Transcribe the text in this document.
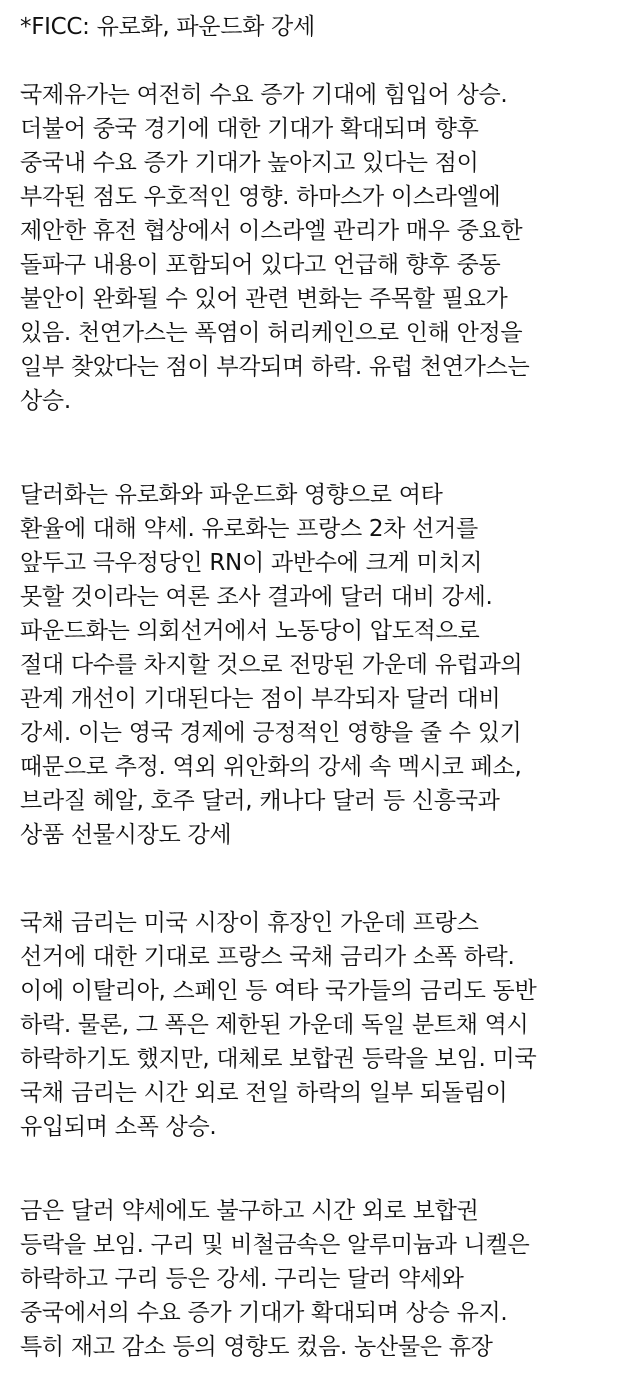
*FICC: 유로화, 파운드화 강세
국제유가는 여전히 수요 증가 기대에 힘입어 상승.
더불어 중국 경기에 대한 기대가 확대되며 향후
중국내 수요 증가 기대가 높아지고 있다는 점이
부각된 점도 우호적인 영향. 하마스가 이스라엘에
제안한 휴전 협상에서 이스라엘 관리가 매우 중요한
돌파구 내용이 포함되어 있다고 언급해 향후 중동
불안이 완화될 수 있어 관련 변화는 주목할 필요가
있음. 천연가스는 폭염이 허리케인으로 인해 안정을
일부 찾았다는 점이 부각되며 하락. 유럽 천연가스는
상승.
달러화는 유로화와 파운드화 영향으로 여타
환율에 대해 약세. 유로화는 프랑스 2차 선거를
앞두고 극우정당인 RN이 과반수에 크게 미치지
못할 것이라는 여론 조사 결과에 달러 대비 강세.
파운드화는 의회선거에서 노동당이 압도적으로
절대 다수를 차지할 것으로 전망된 가운데 유럽과의
관계 개선이 기대된다는 점이 부각되자 달러 대비
강세. 이는 영국 경제에 긍정적인 영향을 줄 수 있기
때문으로 추정. 역외 위안화의 강세 속 멕시코 페소,
브라질 헤알, 호주 달러, 캐나다 달러 등 신흥국과
상품 선물시장도 강세
국채 금리는 미국 시장이 휴장인 가운데 프랑스
선거에 대한 기대로 프랑스 국채 금리가 소폭 하락.
이에 이탈리아, 스페인 등 여타 국가들의 금리도 동반
하락. 물론, 그 폭은 제한된 가운데 독일 분트채 역시
하락하기도 했지만, 대체로 보합권 등락을 보임. 미국
국채 금리는 시간 외로 전일 하락의 일부 되돌림이
유입되며 소폭 상승.
금은 달러 약세에도 불구하고 시간 외로 보합권
등락을 보임. 구리 및 비철금속은 알루미늄과 니켈은
하락하고 구리 등은 강세. 구리는 달러 약세와
중국에서의 수요 증가 기대가 확대되며 상승 유지.
특히 재고 감소 등의 영향도 컸음. 농산물은 휴장
